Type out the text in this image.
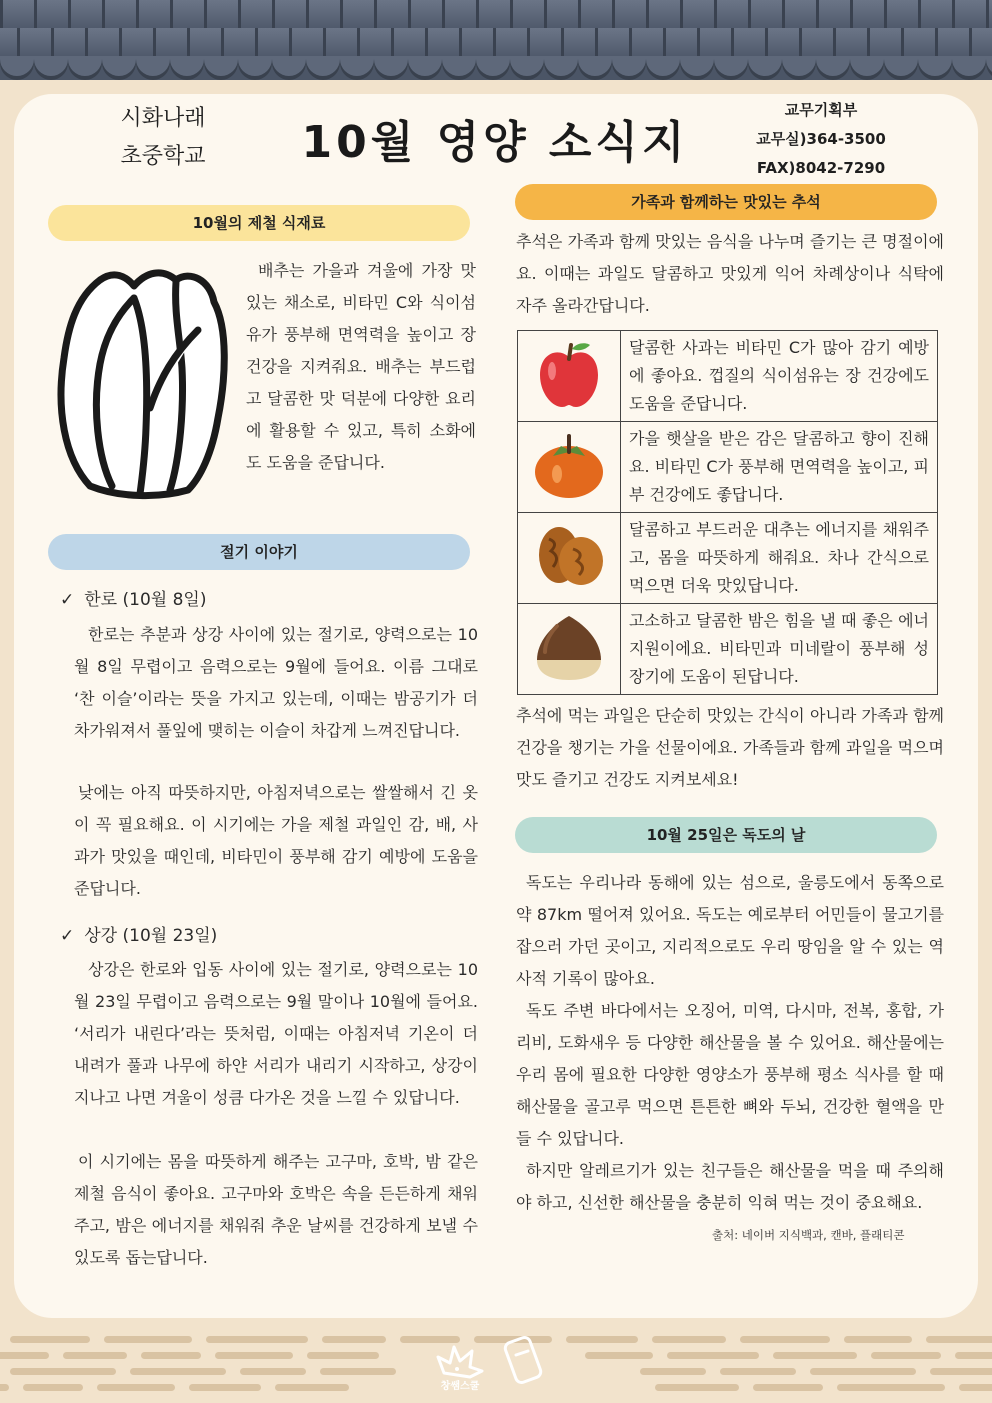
시화나래
초중학교 10월 영양 소식지
교무기획부
교무실)364-3500
FAX)8042-7290
10월의 제철 식재료
배추는 가을과 겨울에 가장 맛있는 채소로, 비타민 C와 식이섬유가 풍부해 면역력을 높이고 장 건강을 지켜줘요. 배추는 부드럽고 달콤한 맛 덕분에 다양한 요리에 활용할 수 있고, 특히 소화에도 도움을 준답니다.
절기 이야기
✓ 한로 (10월 8일)
한로는 추분과 상강 사이에 있는 절기로, 양력으로는 10월 8일 무렵이고 음력으로는 9월에 들어요. 이름 그대로 ‘찬 이슬’이라는 뜻을 가지고 있는데, 이때는 밤공기가 더 차가워져서 풀잎에 맺히는 이슬이 차갑게 느껴진답니다.
낮에는 아직 따뜻하지만, 아침저녁으로는 쌀쌀해서 긴 옷이 꼭 필요해요. 이 시기에는 가을 제철 과일인 감, 배, 사과가 맛있을 때인데, 비타민이 풍부해 감기 예방에 도움을 준답니다.
✓ 상강 (10월 23일)
상강은 한로와 입동 사이에 있는 절기로, 양력으로는 10월 23일 무렵이고 음력으로는 9월 말이나 10월에 들어요. ‘서리가 내린다’라는 뜻처럼, 이때는 아침저녁 기온이 더 내려가 풀과 나무에 하얀 서리가 내리기 시작하고, 상강이 지나고 나면 겨울이 성큼 다가온 것을 느낄 수 있답니다.
이 시기에는 몸을 따뜻하게 해주는 고구마, 호박, 밤 같은 제철 음식이 좋아요. 고구마와 호박은 속을 든든하게 채워주고, 밤은 에너지를 채워줘 추운 날씨를 건강하게 보낼 수 있도록 돕는답니다.
가족과 함께하는 맛있는 추석
추석은 가족과 함께 맛있는 음식을 나누며 즐기는 큰 명절이에요. 이때는 과일도 달콤하고 맛있게 익어 차례상이나 식탁에 자주 올라간답니다.
	달콤한 사과는 비타민 C가 많아 감기 예방에 좋아요. 껍질의 식이섬유는 장 건강에도 도움을 준답니다.
	가을 햇살을 받은 감은 달콤하고 향이 진해요. 비타민 C가 풍부해 면역력을 높이고, 피부 건강에도 좋답니다.
	달콤하고 부드러운 대추는 에너지를 채워주고, 몸을 따뜻하게 해줘요. 차나 간식으로 먹으면 더욱 맛있답니다.
	고소하고 달콤한 밤은 힘을 낼 때 좋은 에너지원이에요. 비타민과 미네랄이 풍부해 성장기에 도움이 된답니다.
추석에 먹는 과일은 단순히 맛있는 간식이 아니라 가족과 함께 건강을 챙기는 가을 선물이에요. 가족들과 함께 과일을 먹으며 맛도 즐기고 건강도 지켜보세요!
10월 25일은 독도의 날
독도는 우리나라 동해에 있는 섬으로, 울릉도에서 동쪽으로 약 87km 떨어져 있어요. 독도는 예로부터 어민들이 물고기를 잡으러 가던 곳이고, 지리적으로도 우리 땅임을 알 수 있는 역사적 기록이 많아요.
독도 주변 바다에서는 오징어, 미역, 다시마, 전복, 홍합, 가리비, 도화새우 등 다양한 해산물을 볼 수 있어요. 해산물에는 우리 몸에 필요한 다양한 영양소가 풍부해 평소 식사를 할 때 해산물을 골고루 먹으면 튼튼한 뼈와 두뇌, 건강한 혈액을 만들 수 있답니다.
하지만 알레르기가 있는 친구들은 해산물을 먹을 때 주의해야 하고, 신선한 해산물을 충분히 익혀 먹는 것이 중요해요.
출처: 네이버 지식백과, 캔바, 플래티콘
창쌤스쿨
